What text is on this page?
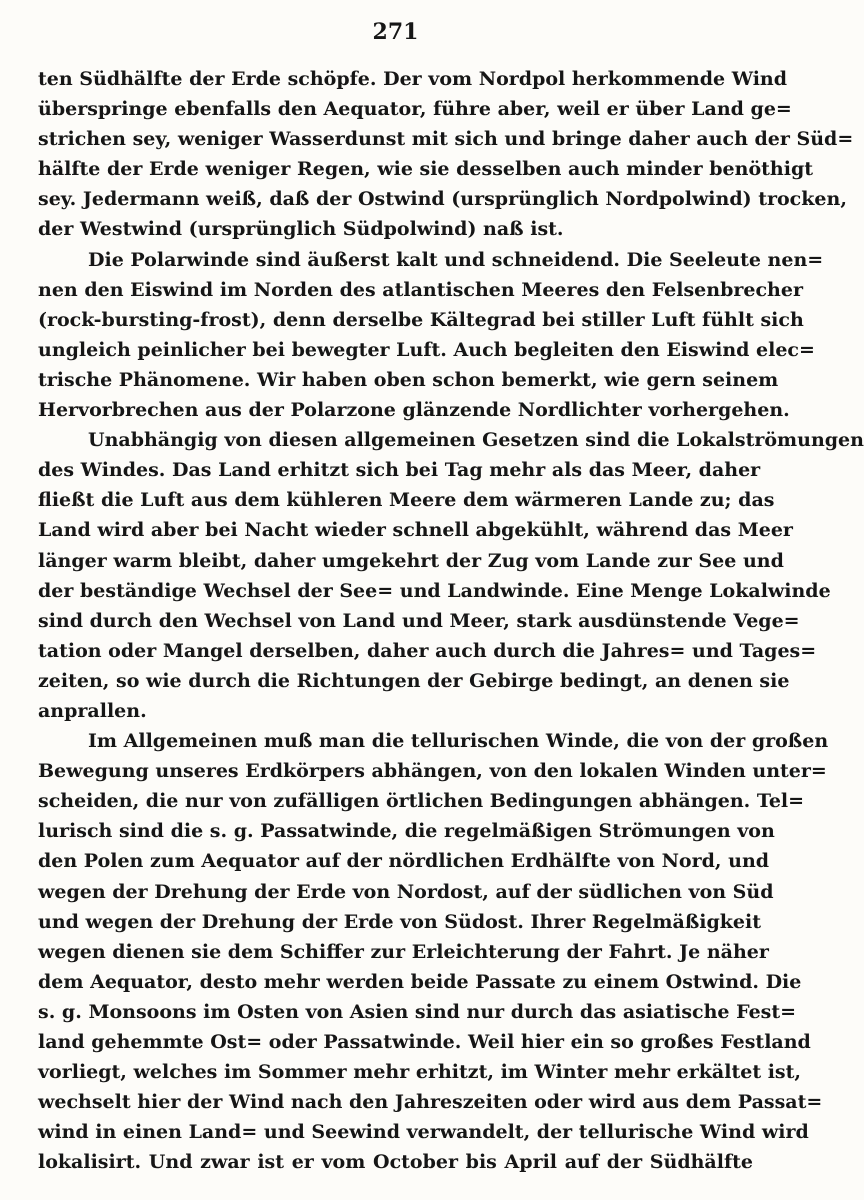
271
ten Südhälfte der Erde schöpfe. Der vom Nordpol herkommende Wind
überspringe ebenfalls den Aequator, führe aber, weil er über Land ge=
strichen sey, weniger Wasserdunst mit sich und bringe daher auch der Süd=
hälfte der Erde weniger Regen, wie sie desselben auch minder benöthigt
sey. Jedermann weiß, daß der Ostwind (ursprünglich Nordpolwind) trocken,
der Westwind (ursprünglich Südpolwind) naß ist.
Die Polarwinde sind äußerst kalt und schneidend. Die Seeleute nen=
nen den Eiswind im Norden des atlantischen Meeres den Felsenbrecher
(rock-bursting-frost), denn derselbe Kältegrad bei stiller Luft fühlt sich
ungleich peinlicher bei bewegter Luft. Auch begleiten den Eiswind elec=
trische Phänomene. Wir haben oben schon bemerkt, wie gern seinem
Hervorbrechen aus der Polarzone glänzende Nordlichter vorhergehen.
Unabhängig von diesen allgemeinen Gesetzen sind die Lokalströmungen
des Windes. Das Land erhitzt sich bei Tag mehr als das Meer, daher
fließt die Luft aus dem kühleren Meere dem wärmeren Lande zu; das
Land wird aber bei Nacht wieder schnell abgekühlt, während das Meer
länger warm bleibt, daher umgekehrt der Zug vom Lande zur See und
der beständige Wechsel der See= und Landwinde. Eine Menge Lokalwinde
sind durch den Wechsel von Land und Meer, stark ausdünstende Vege=
tation oder Mangel derselben, daher auch durch die Jahres= und Tages=
zeiten, so wie durch die Richtungen der Gebirge bedingt, an denen sie
anprallen.
Im Allgemeinen muß man die tellurischen Winde, die von der großen
Bewegung unseres Erdkörpers abhängen, von den lokalen Winden unter=
scheiden, die nur von zufälligen örtlichen Bedingungen abhängen. Tel=
lurisch sind die s. g. Passatwinde, die regelmäßigen Strömungen von
den Polen zum Aequator auf der nördlichen Erdhälfte von Nord, und
wegen der Drehung der Erde von Nordost, auf der südlichen von Süd
und wegen der Drehung der Erde von Südost. Ihrer Regelmäßigkeit
wegen dienen sie dem Schiffer zur Erleichterung der Fahrt. Je näher
dem Aequator, desto mehr werden beide Passate zu einem Ostwind. Die
s. g. Monsoons im Osten von Asien sind nur durch das asiatische Fest=
land gehemmte Ost= oder Passatwinde. Weil hier ein so großes Festland
vorliegt, welches im Sommer mehr erhitzt, im Winter mehr erkältet ist,
wechselt hier der Wind nach den Jahreszeiten oder wird aus dem Passat=
wind in einen Land= und Seewind verwandelt, der tellurische Wind wird
lokalisirt. Und zwar ist er vom October bis April auf der Südhälfte
